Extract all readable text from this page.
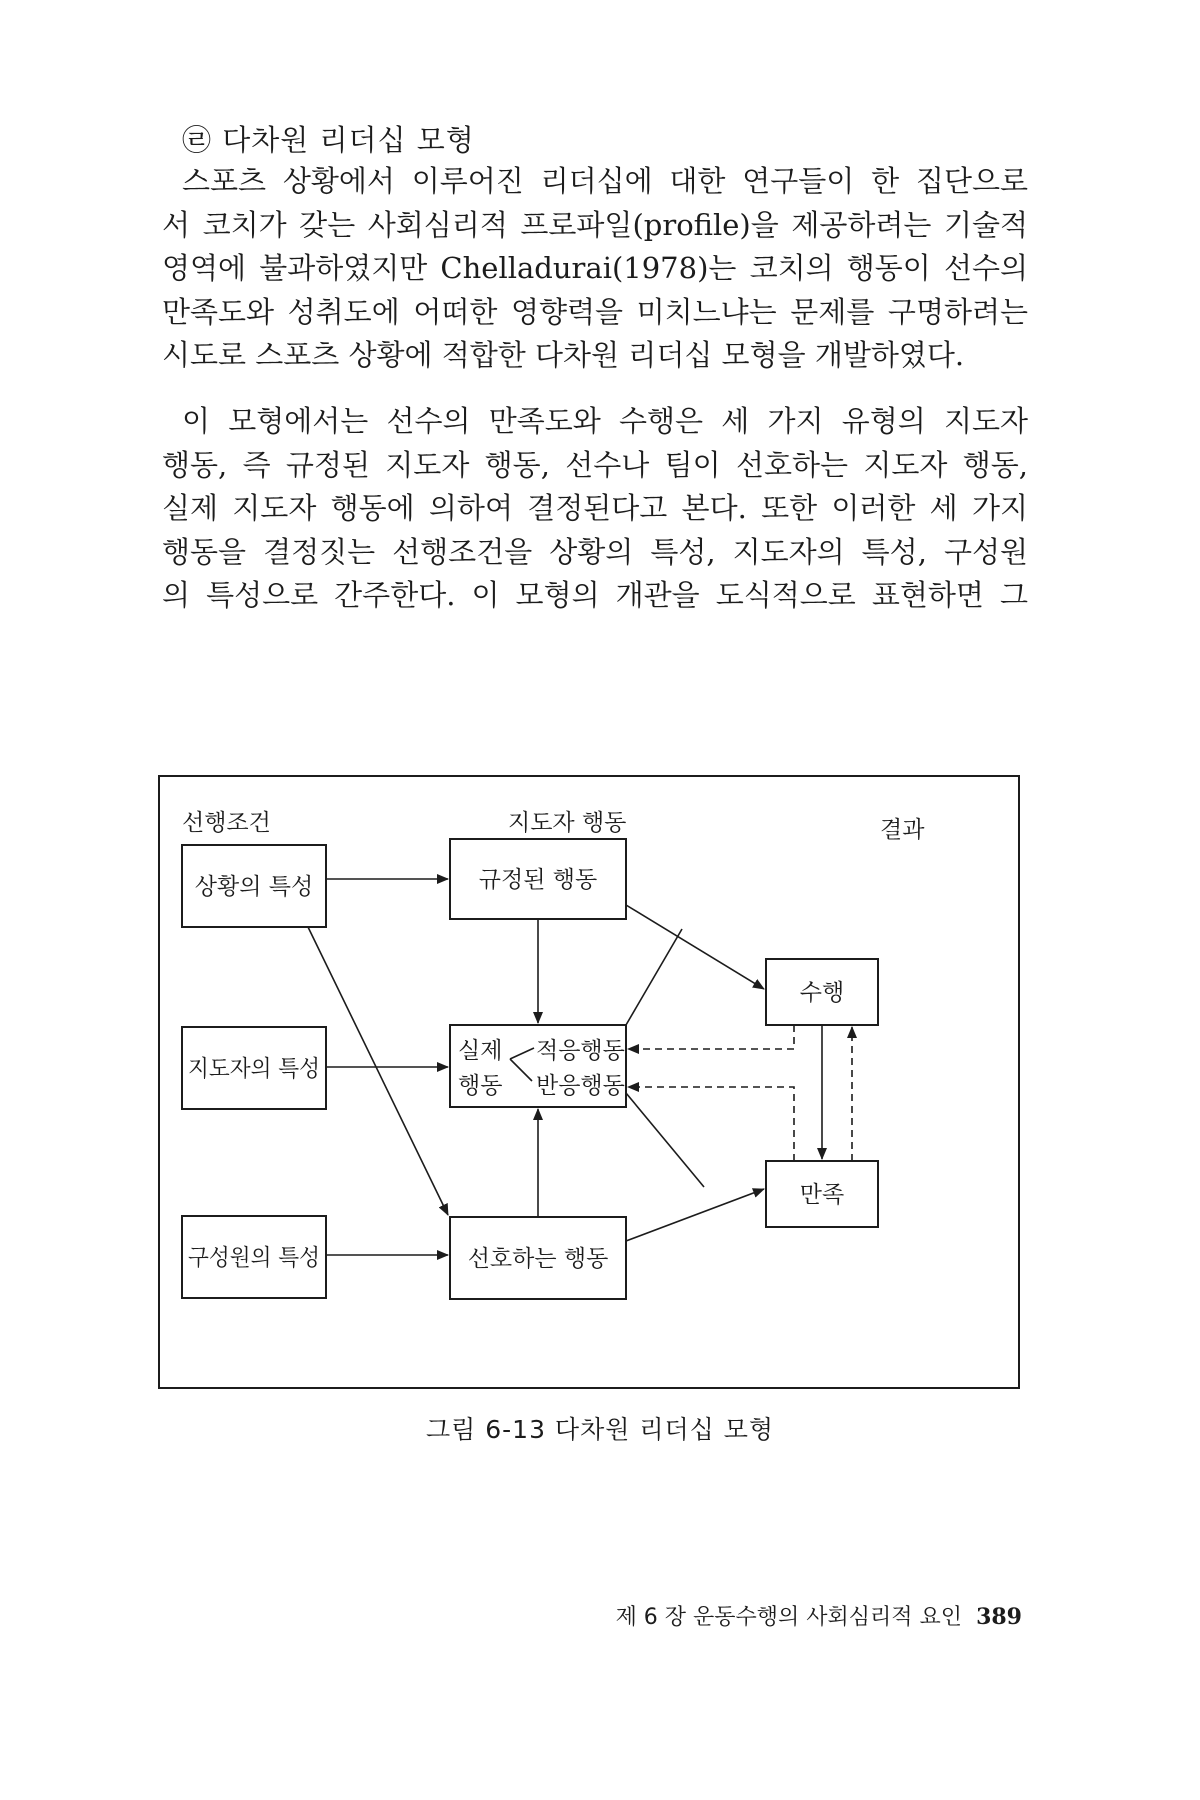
㉣ 다차원 리더십 모형
스포츠 상황에서 이루어진 리더십에 대한 연구들이 한 집단으로
서 코치가 갖는 사회심리적 프로파일(profile)을 제공하려는 기술적
영역에 불과하였지만 Chelladurai(1978)는 코치의 행동이 선수의
만족도와 성취도에 어떠한 영향력을 미치느냐는 문제를 구명하려는
시도로 스포츠 상황에 적합한 다차원 리더십 모형을 개발하였다.
이 모형에서는 선수의 만족도와 수행은 세 가지 유형의 지도자
행동, 즉 규정된 지도자 행동, 선수나 팀이 선호하는 지도자 행동,
실제 지도자 행동에 의하여 결정된다고 본다. 또한 이러한 세 가지
행동을 결정짓는 선행조건을 상황의 특성, 지도자의 특성, 구성원
의 특성으로 간주한다. 이 모형의 개관을 도식적으로 표현하면 그
선행조건	지도자 행동	결과
상황의 특성
지도자의 특성
구성원의 특성
규정된 행동
실제
행동
적응행동
반응행동
선호하는 행동
수행
만족
그림 6-13 다차원 리더십 모형
제 6 장 운동수행의 사회심리적 요인 389
